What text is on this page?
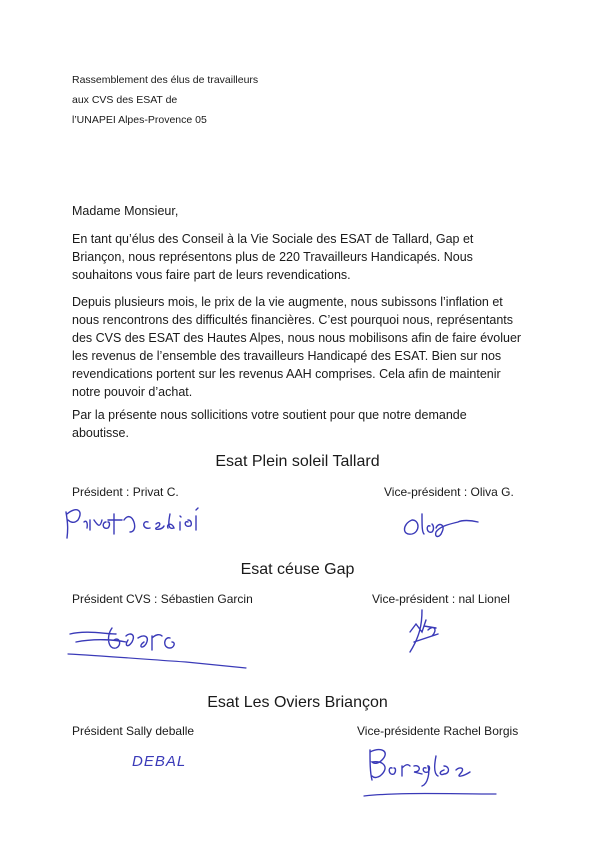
Rassemblement des élus de travailleurs
aux CVS des ESAT de
l’UNAPEI Alpes-Provence 05
Madame Monsieur,
En tant qu’élus des Conseil à la Vie Sociale des ESAT de Tallard, Gap et Briançon, nous représentons plus de 220 Travailleurs Handicapés. Nous souhaitons vous faire part de leurs revendications.
Depuis plusieurs mois, le prix de la vie augmente, nous subissons l’inflation et nous rencontrons des difficultés financières. C’est pourquoi nous, représentants des CVS des ESAT des Hautes Alpes, nous nous mobilisons afin de faire évoluer les revenus de l’ensemble des travailleurs Handicapé des ESAT. Bien sur nos revendications portent sur les revenus AAH comprises. Cela afin de maintenir notre pouvoir d’achat.
Par la présente nous sollicitions votre soutient pour que notre demande aboutisse.
Esat Plein soleil Tallard
Président : Privat C.	Vice-président : Oliva G.
Esat céuse Gap
Président CVS : Sébastien Garcin	Vice-président : nal Lionel
Esat Les Oviers Briançon
Président Sally deballe	Vice-présidente Rachel Borgis
DEBAL
